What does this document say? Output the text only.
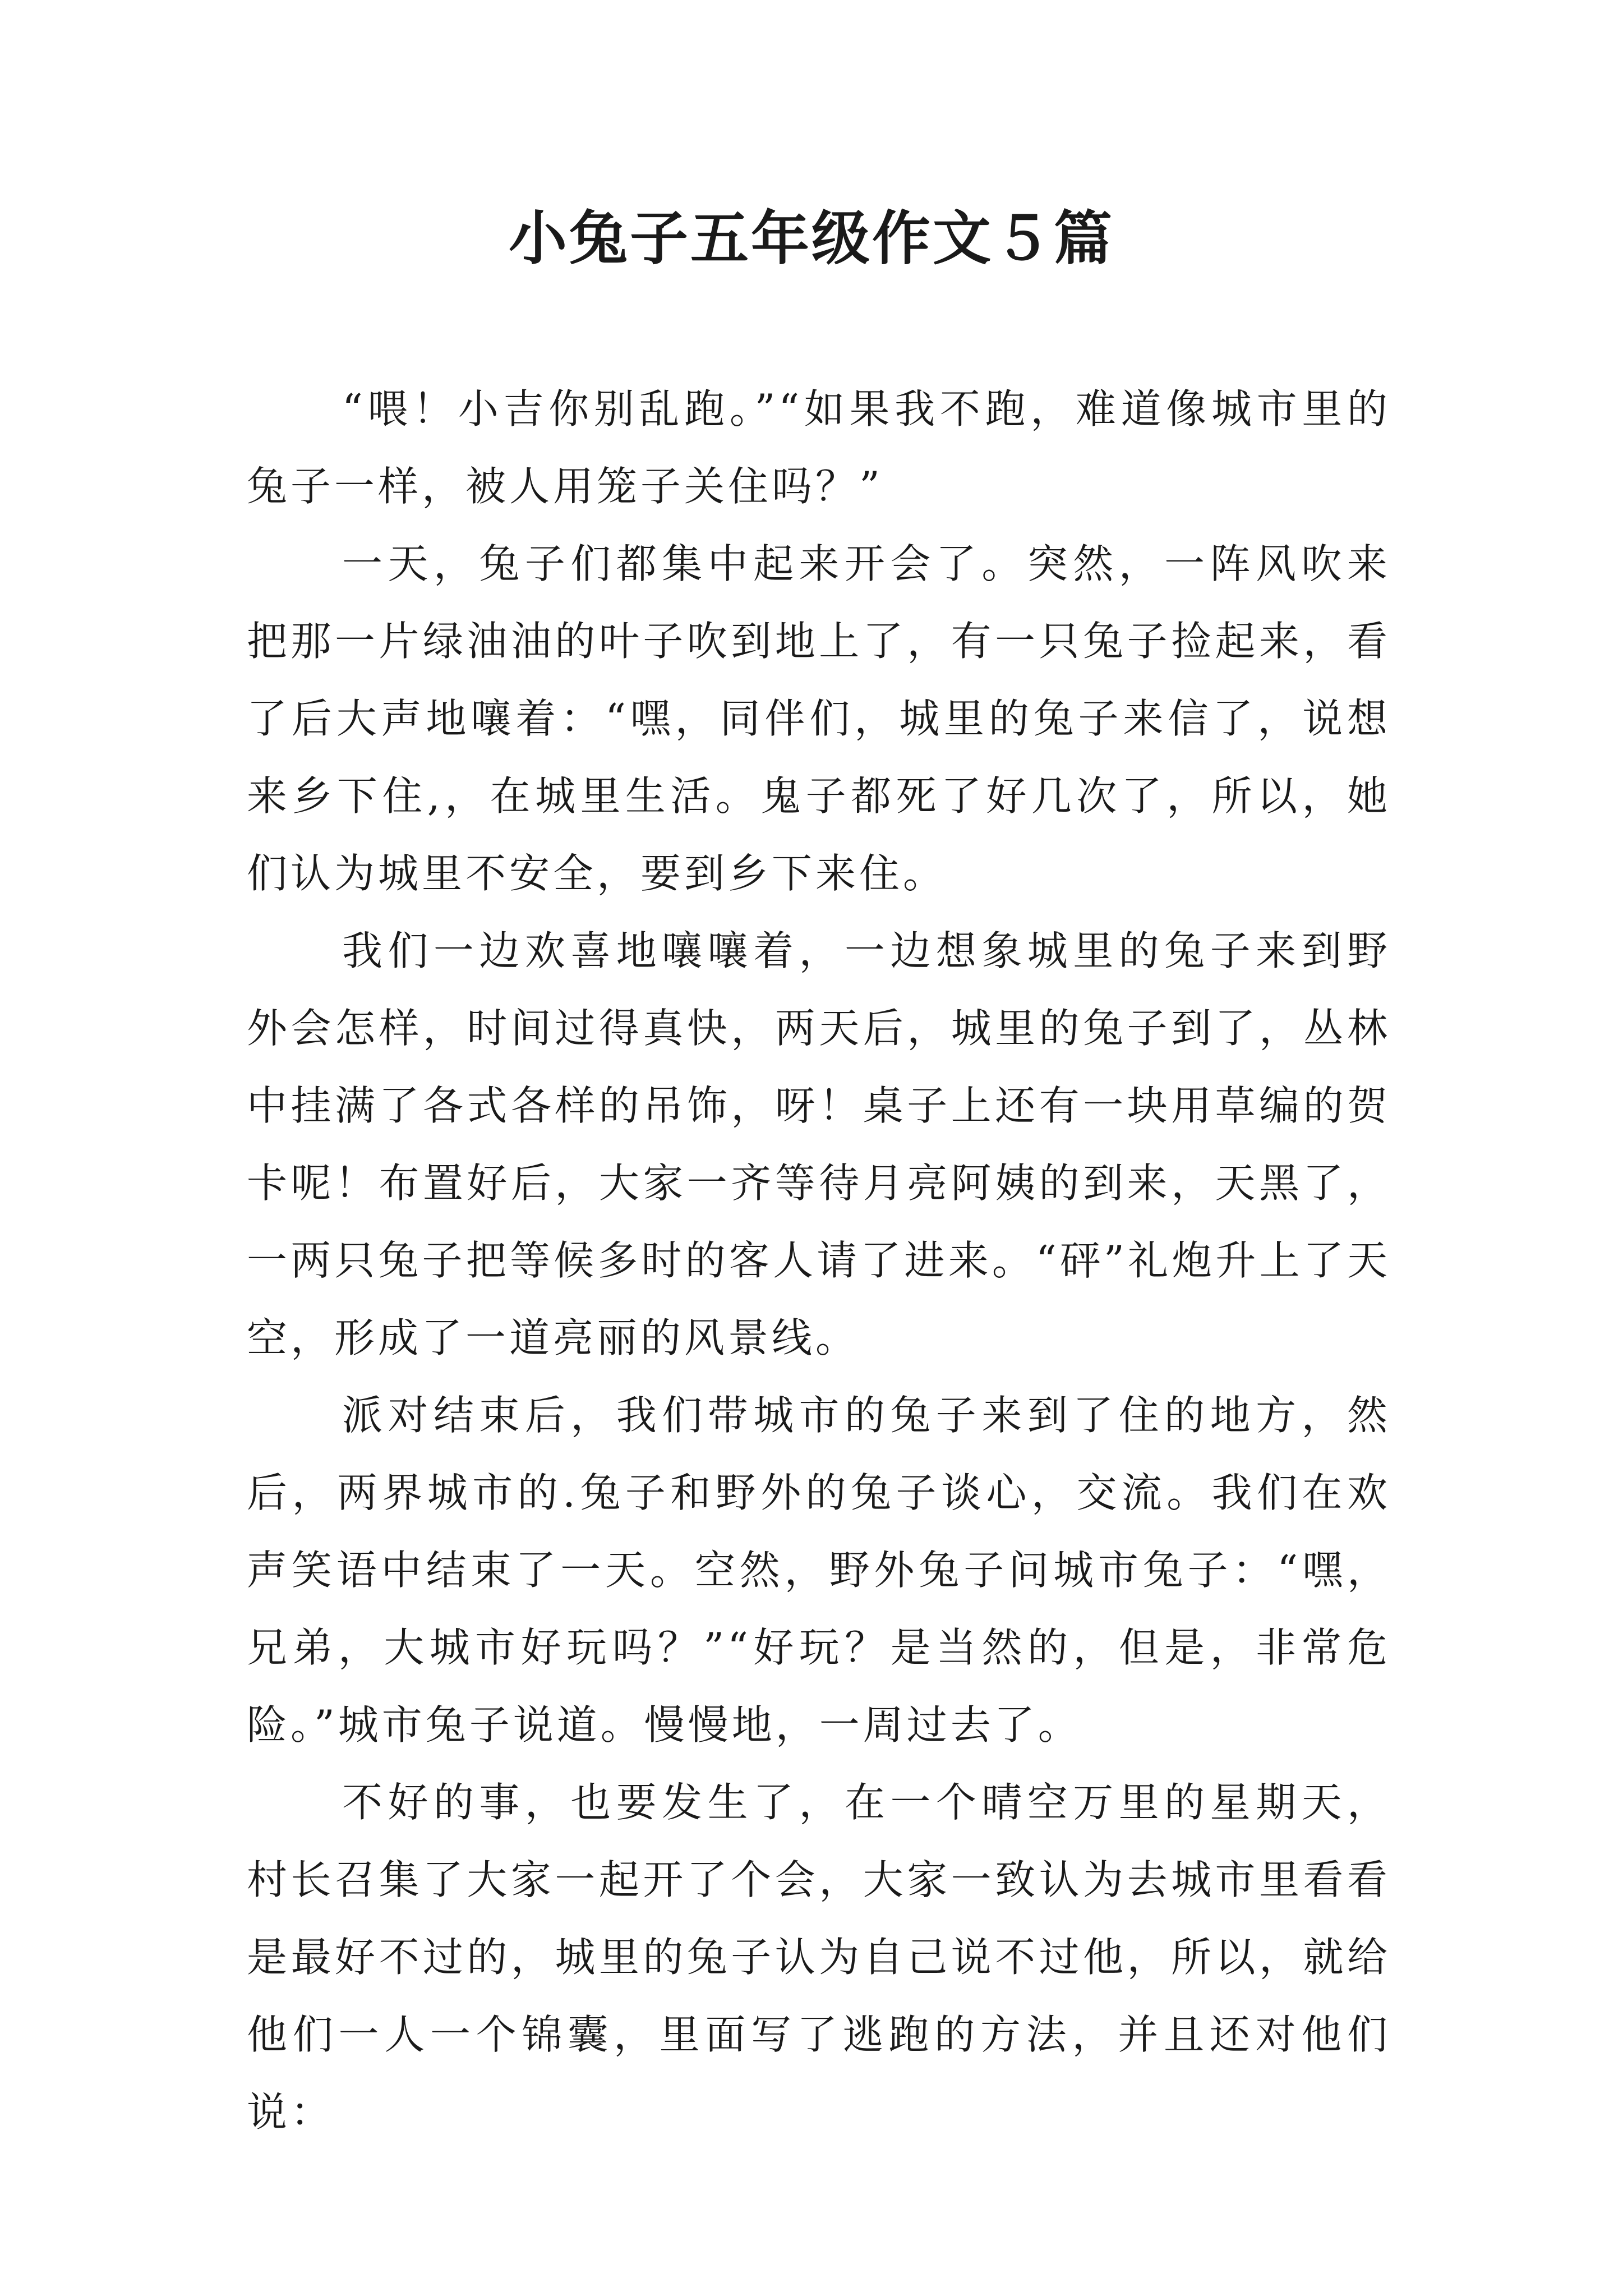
小兔子五年级作文５篇

“喂！小吉你别乱跑。”“如果我不跑，难道像城市里的兔子一样，被人用笼子关住吗？”

一天，兔子们都集中起来开会了。突然，一阵风吹来把那一片绿油油的叶子吹到地上了，有一只兔子捡起来，看了后大声地嚷着：“嘿，同伴们，城里的兔子来信了，说想来乡下住,，在城里生活。鬼子都死了好几次了，所以，她们认为城里不安全，要到乡下来住。

我们一边欢喜地嚷嚷着，一边想象城里的兔子来到野外会怎样，时间过得真快，两天后，城里的兔子到了，丛林中挂满了各式各样的吊饰，呀！桌子上还有一块用草编的贺卡呢！布置好后，大家一齐等待月亮阿姨的到来，天黑了，一两只兔子把等候多时的客人请了进来。“砰”礼炮升上了天空，形成了一道亮丽的风景线。

派对结束后，我们带城市的兔子来到了住的地方，然后，两界城市的.兔子和野外的兔子谈心，交流。我们在欢声笑语中结束了一天。空然，野外兔子问城市兔子：“嘿，兄弟，大城市好玩吗？”“好玩？是当然的，但是，非常危险。”城市兔子说道。慢慢地，一周过去了。

不好的事，也要发生了，在一个晴空万里的星期天，村长召集了大家一起开了个会，大家一致认为去城市里看看是最好不过的，城里的兔子认为自己说不过他，所以，就给他们一人一个锦囊，里面写了逃跑的方法，并且还对他们说：
